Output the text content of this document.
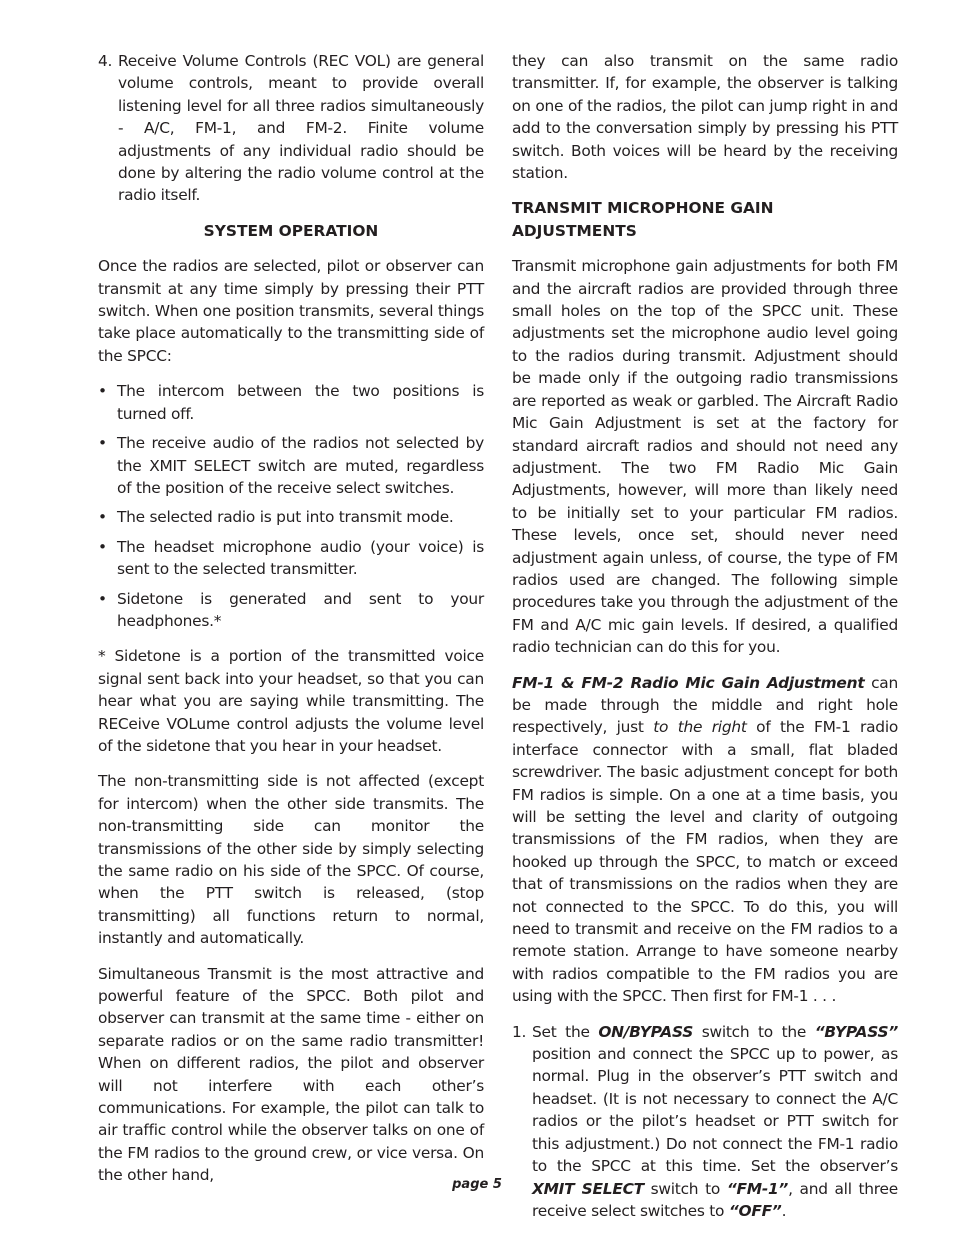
4. Receive Volume Controls (REC VOL) are general volume controls, meant to provide overall listening level for all three radios simultaneously - A/C, FM-1, and FM-2. Finite volume adjustments of any individual radio should be done by altering the radio volume control at the radio itself.
SYSTEM OPERATION

Once the radios are selected, pilot or observer can transmit at any time simply by pressing their PTT switch. When one position transmits, several things take place automatically to the transmitting side of the SPCC:

• The intercom between the two positions is turned off.
• The receive audio of the radios not selected by the XMIT SELECT switch are muted, regardless of the position of the receive select switches.
• The selected radio is put into transmit mode.
• The headset microphone audio (your voice) is sent to the selected transmitter.
• Sidetone is generated and sent to your headphones.*

* Sidetone is a portion of the transmitted voice signal sent back into your headset, so that you can hear what you are saying while transmitting. The RECeive VOLume control adjusts the volume level of the sidetone that you hear in your headset.

The non-transmitting side is not affected (except for intercom) when the other side transmits. The non-transmitting side can monitor the transmissions of the other side by simply selecting the same radio on his side of the SPCC. Of course, when the PTT switch is released, (stop transmitting) all functions return to normal, instantly and automatically.

Simultaneous Transmit is the most attractive and powerful feature of the SPCC. Both pilot and observer can transmit at the same time - either on separate radios or on the same radio transmitter! When on different radios, the pilot and observer will not interfere with each other’s communications. For example, the pilot can talk to air traffic control while the observer talks on one of the FM radios to the ground crew, or vice versa. On the other hand,

they can also transmit on the same radio transmitter. If, for example, the observer is talking on one of the radios, the pilot can jump right in and add to the conversation simply by pressing his PTT switch. Both voices will be heard by the receiving station.

TRANSMIT MICROPHONE GAIN ADJUSTMENTS

Transmit microphone gain adjustments for both FM and the aircraft radios are provided through three small holes on the top of the SPCC unit. These adjustments set the microphone audio level going to the radios during transmit. Adjustment should be made only if the outgoing radio transmissions are reported as weak or garbled. The Aircraft Radio Mic Gain Adjustment is set at the factory for standard aircraft radios and should not need any adjustment. The two FM Radio Mic Gain Adjustments, however, will more than likely need to be initially set to your particular FM radios. These levels, once set, should never need adjustment again unless, of course, the type of FM radios used are changed. The following simple procedures take you through the adjustment of the FM and A/C mic gain levels. If desired, a qualified radio technician can do this for you.

FM-1 & FM-2 Radio Mic Gain Adjustment can be made through the middle and right hole respectively, just to the right of the FM-1 radio interface connector with a small, flat bladed screwdriver. The basic adjustment concept for both FM radios is simple. On a one at a time basis, you will be setting the level and clarity of outgoing transmissions of the FM radios, when they are hooked up through the SPCC, to match or exceed that of transmissions on the radios when they are not connected to the SPCC. To do this, you will need to transmit and receive on the FM radios to a remote station. Arrange to have someone nearby with radios compatible to the FM radios you are using with the SPCC. Then first for FM-1 . . .

1. Set the ON/BYPASS switch to the “BYPASS” position and connect the SPCC up to power, as normal. Plug in the observer’s PTT switch and headset. (It is not necessary to connect the A/C radios or the pilot’s headset or PTT switch for this adjustment.) Do not connect the FM-1 radio to the SPCC at this time. Set the observer’s XMIT SELECT switch to “FM-1”, and all three receive select switches to “OFF”.
page 5
